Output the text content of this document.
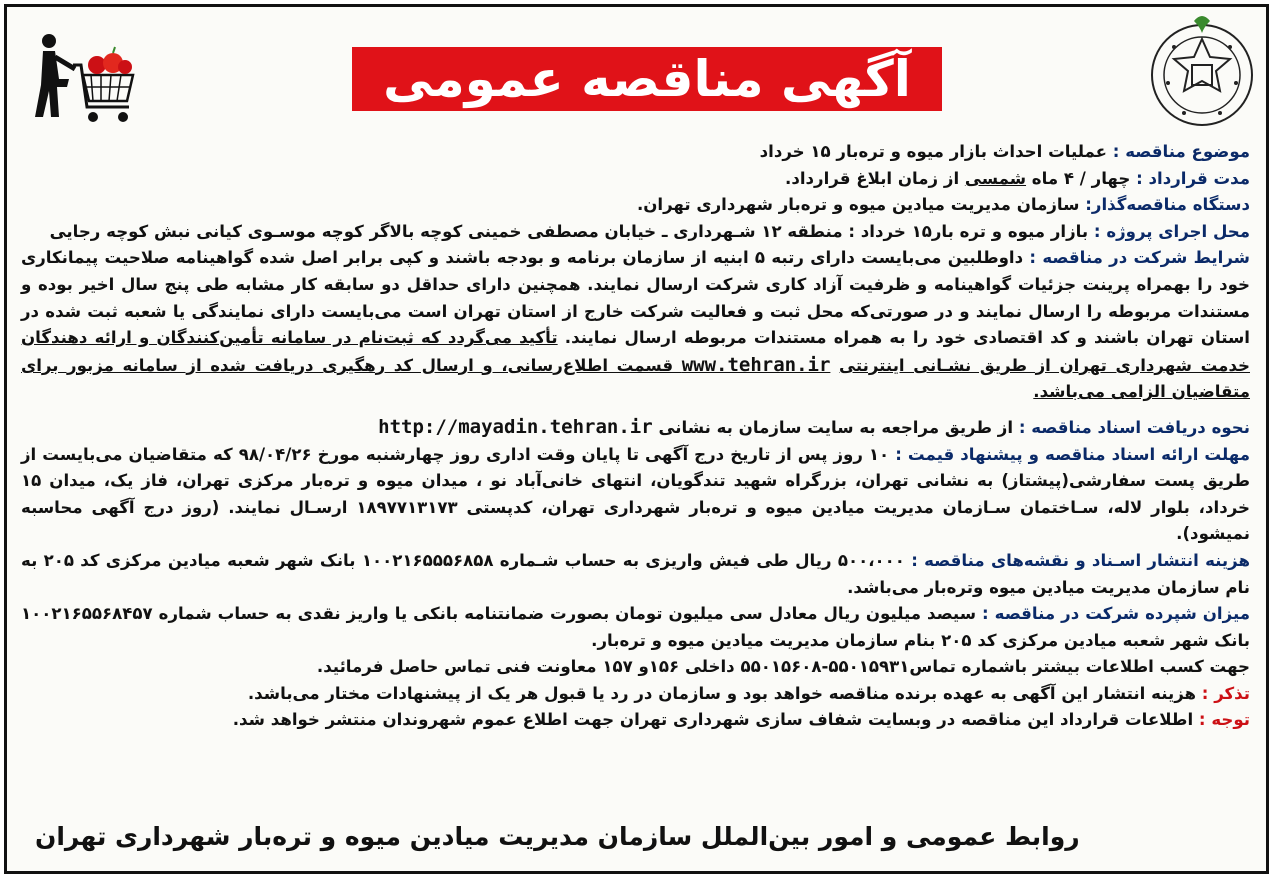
آگهی مناقصه عمومی

موضوع مناقصه : عملیات احداث بازار میوه و تره‌بار ۱۵ خرداد

مدت قرارداد : چهار / ۴ ماه شمسی از زمان ابلاغ قرارداد.

دستگاه مناقصه‌گذار: سازمان مدیریت میادین میوه و تره‌بار شهرداری تهران.

محل اجرای پروژه : بازار میوه و تره بار۱۵ خرداد : منطقه ۱۲ شـهرداری ـ خیابان مصطفی خمینی کوچه بالاگر کوچه موسـوی کیانی نبش کوچه رجایی

شرایط شرکت در مناقصه : داوطلبین می‌بایست دارای رتبه ۵ ابنیه از سازمان برنامه و بودجه باشند و کپی برابر اصل شده گواهینامه صلاحیت پیمانکاری خود را بهمراه پرینت جزئیات گواهینامه و ظرفیت آزاد کاری شرکت ارسال نمایند. همچنین دارای حداقل دو سابقه کار مشابه طی پنج سال اخیر بوده و مستندات مربوطه را ارسال نمایند و در صورتی‌که محل ثبت و فعالیت شرکت خارج از استان تهران است می‌بایست دارای نمایندگی یا شعبه ثبت شده در استان تهران باشند و کد اقتصادی خود را به همراه مستندات مربوطه ارسال نمایند. تأکید می‌گردد که ثبت‌نام در سامانه تأمین‌کنندگان و ارائه دهندگان خدمت شهرداری تهران از طریق نشـانی اینترنتی www.tehran.ir قسمت اطلاع‌رسانی، و ارسال کد رهگیری دریافت شده از سامانه مزبور برای متقاضیان الزامی می‌باشد.

نحوه دریافت اسناد مناقصه : از طریق مراجعه به سایت سازمان به نشانی http://mayadin.tehran.ir

مهلت ارائه اسناد مناقصه و پیشنهاد قیمت : ۱۰ روز پس از تاریخ درج آگهی تا پایان وقت اداری روز چهارشنبه مورخ ۹۸/۰۴/۲۶ که متقاضیان می‌بایست از طریق پست سفارشی(پیشتاز) به نشانی تهران، بزرگراه شهید تندگویان، انتهای خانی‌آباد نو ، میدان میوه و تره‌بار مرکزی تهران، فاز یک، میدان ۱۵ خرداد، بلوار لاله، سـاختمان سـازمان مدیریت میادین میوه و تره‌بار شهرداری تهران، کدپستی ۱۸۹۷۷۱۳۱۷۳ ارسـال نمایند. (روز درج آگهی محاسبه نمیشود).

هزینه انتشار اسـناد و نقشه‌های مناقصه : ۵۰۰،۰۰۰ ریال طی فیش واریزی به حساب شـماره ۱۰۰۲۱۶۵۵۵۶۸۵۸ بانک شهر شعبه میادین مرکزی کد ۲۰۵ به نام سازمان مدیریت میادین میوه وتره‌بار می‌باشد.

میزان شپرده شرکت در مناقصه : سیصد میلیون ریال معادل سی میلیون تومان بصورت ضمانتنامه بانکی یا واریز نقدی به حساب شماره ۱۰۰۲۱۶۵۵۶۸۴۵۷ بانک شهر شعبه میادین مرکزی کد ۲۰۵ بنام سازمان مدیریت میادین میوه و تره‌بار.

جهت کسب اطلاعات بیشتر باشماره تماس۵۵۰۱۵۹۳۱-۵۵۰۱۵۶۰۸ داخلی ۱۵۶و ۱۵۷ معاونت فنی تماس حاصل فرمائید.

تذکر : هزینه انتشار این آگهی به عهده برنده مناقصه خواهد بود و سازمان در رد یا قبول هر یک از پیشنهادات مختار می‌باشد.

توجه : اطلاعات قرارداد این مناقصه در وبسایت شفاف سازی شهرداری تهران جهت اطلاع عموم شهروندان منتشر خواهد شد.

روابط عمومی و امور بین‌الملل سازمان مدیریت میادین میوه و تره‌بار شهرداری تهران
